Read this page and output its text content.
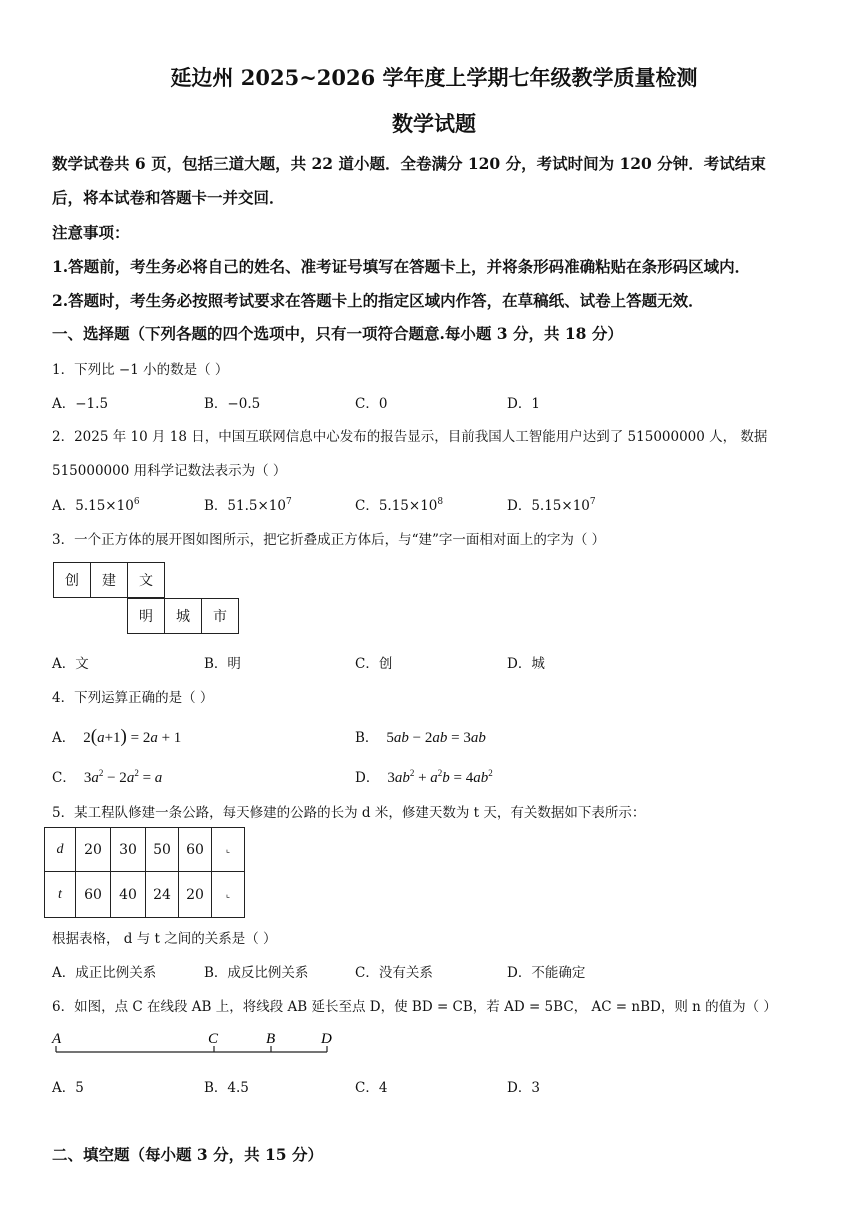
延边州 2025~2026 学年度上学期七年级教学质量检测
数学试题
数学试卷共 6 页，包括三道大题，共 22 道小题．全卷满分 120 分，考试时间为 120 分钟．考试结束
后，将本试卷和答题卡一并交回．
注意事项：
1.答题前，考生务必将自己的姓名、准考证号填写在答题卡上，并将条形码准确粘贴在条形码区域内．
2.答题时，考生务必按照考试要求在答题卡上的指定区域内作答，在草稿纸、试卷上答题无效．
一、选择题（下列各题的四个选项中，只有一项符合题意.每小题 3 分，共 18 分）
1．下列比 −1 小的数是（ ）
A．−1.5	B．−0.5	C．0	D．1
2．2025 年 10 月 18 日，中国互联网信息中心发布的报告显示，目前我国人工智能用户达到了 515000000 人， 数据
515000000 用科学记数法表示为（ ）
A．$5.15\times 10^6$	B．$51.5\times 10^7$	C．$5.15\times 10^8$	D．$5.15\times 10^7$
3．一个正方体的展开图如图所示，把它折叠成正方体后，与“建”字一面相对面上的字为（ ）
创	建	文
明	城	市
A．文	B．明	C．创	D．城
4．下列运算正确的是（ ）
A． 2(a+1) = 2a + 1	B． 5ab − 2ab = 3ab
C． $3a^2 - 2a^2 = a$	D． $3ab^2 + a^2b = 4ab^2$
5．某工程队修建一条公路，每天修建的公路的长为 d 米，修建天数为 t 天，有关数据如下表所示：
d	20	30	50	60	⌞
t	60	40	24	20	⌞
根据表格， d 与 t 之间的关系是（ ）
A．成正比例关系	B．成反比例关系	C．没有关系	D．不能确定
6．如图，点 C 在线段 AB 上，将线段 AB 延长至点 D，使 BD = CB，若 AD = 5BC， AC = nBD，则 n 的值为（ ）
A	C	B	D
A．5	B．4.5	C．4	D．3
二、填空题（每小题 3 分，共 15 分）
